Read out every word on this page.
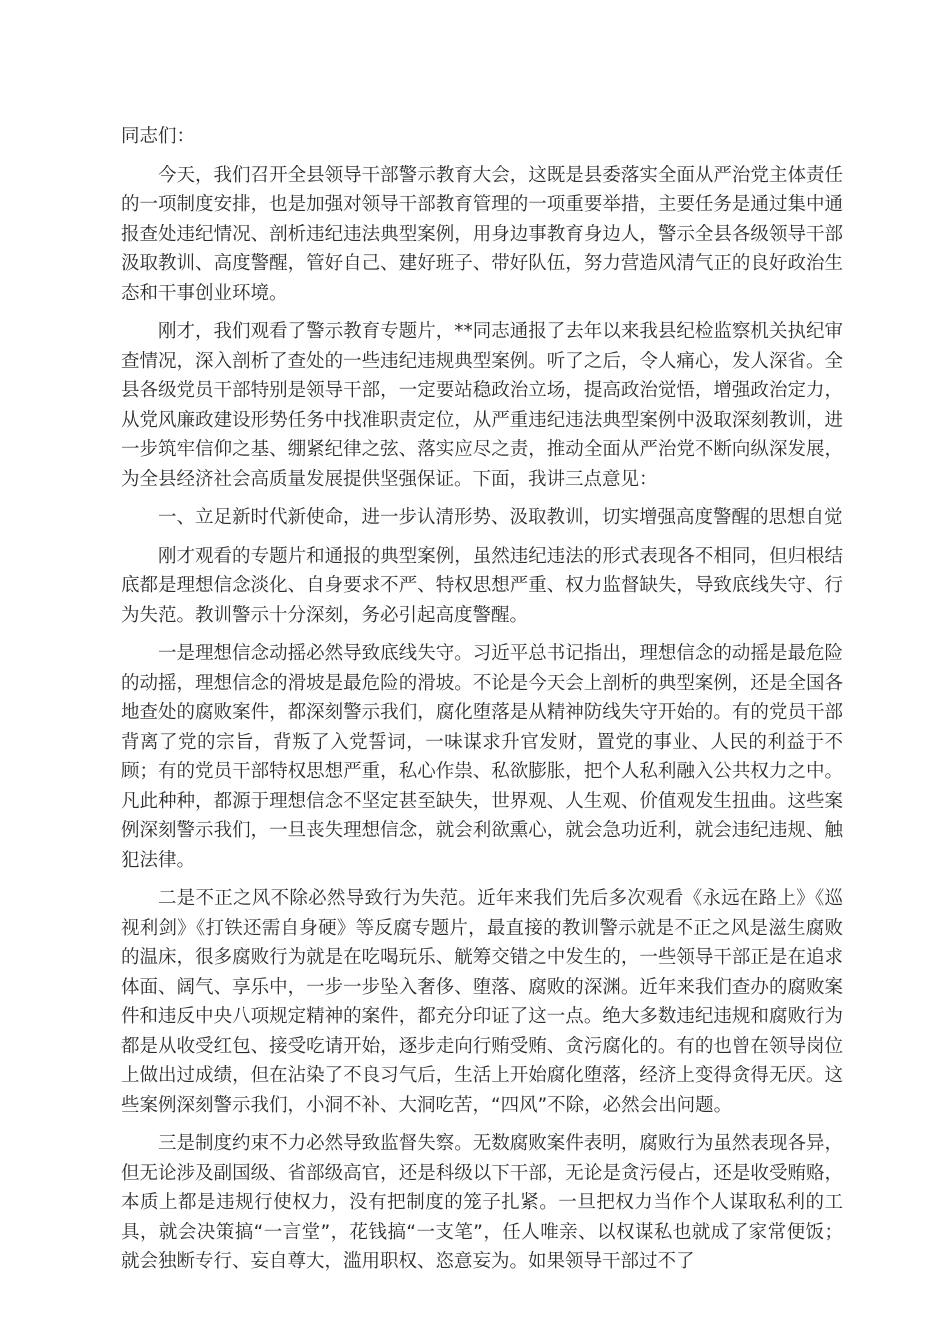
同志们：

今天，我们召开全县领导干部警示教育大会，这既是县委落实全面从严治党主体责任的一项制度安排，也是加强对领导干部教育管理的一项重要举措，主要任务是通过集中通报查处违纪情况、剖析违纪违法典型案例，用身边事教育身边人，警示全县各级领导干部汲取教训、高度警醒，管好自己、建好班子、带好队伍，努力营造风清气正的良好政治生态和干事创业环境。

刚才，我们观看了警示教育专题片，**同志通报了去年以来我县纪检监察机关执纪审查情况，深入剖析了查处的一些违纪违规典型案例。听了之后，令人痛心，发人深省。全县各级党员干部特别是领导干部，一定要站稳政治立场，提高政治觉悟，增强政治定力，从党风廉政建设形势任务中找准职责定位，从严重违纪违法典型案例中汲取深刻教训，进一步筑牢信仰之基、绷紧纪律之弦、落实应尽之责，推动全面从严治党不断向纵深发展，为全县经济社会高质量发展提供坚强保证。下面，我讲三点意见：

一、立足新时代新使命，进一步认清形势、汲取教训，切实增强高度警醒的思想自觉

刚才观看的专题片和通报的典型案例，虽然违纪违法的形式表现各不相同，但归根结底都是理想信念淡化、自身要求不严、特权思想严重、权力监督缺失，导致底线失守、行为失范。教训警示十分深刻，务必引起高度警醒。

一是理想信念动摇必然导致底线失守。习近平总书记指出，理想信念的动摇是最危险的动摇，理想信念的滑坡是最危险的滑坡。不论是今天会上剖析的典型案例，还是全国各地查处的腐败案件，都深刻警示我们，腐化堕落是从精神防线失守开始的。有的党员干部背离了党的宗旨，背叛了入党誓词，一味谋求升官发财，置党的事业、人民的利益于不顾；有的党员干部特权思想严重，私心作祟、私欲膨胀，把个人私利融入公共权力之中。凡此种种，都源于理想信念不坚定甚至缺失，世界观、人生观、价值观发生扭曲。这些案例深刻警示我们，一旦丧失理想信念，就会利欲熏心，就会急功近利，就会违纪违规、触犯法律。

二是不正之风不除必然导致行为失范。近年来我们先后多次观看《永远在路上》《巡视利剑》《打铁还需自身硬》等反腐专题片，最直接的教训警示就是不正之风是滋生腐败的温床，很多腐败行为就是在吃喝玩乐、觥筹交错之中发生的，一些领导干部正是在追求体面、阔气、享乐中，一步一步坠入奢侈、堕落、腐败的深渊。近年来我们查办的腐败案件和违反中央八项规定精神的案件，都充分印证了这一点。绝大多数违纪违规和腐败行为都是从收受红包、接受吃请开始，逐步走向行贿受贿、贪污腐化的。有的也曾在领导岗位上做出过成绩，但在沾染了不良习气后，生活上开始腐化堕落，经济上变得贪得无厌。这些案例深刻警示我们，小洞不补、大洞吃苦，“四风”不除，必然会出问题。

三是制度约束不力必然导致监督失察。无数腐败案件表明，腐败行为虽然表现各异，但无论涉及副国级、省部级高官，还是科级以下干部，无论是贪污侵占，还是收受贿赂，本质上都是违规行使权力，没有把制度的笼子扎紧。一旦把权力当作个人谋取私利的工具，就会决策搞“一言堂”，花钱搞“一支笔”，任人唯亲、以权谋私也就成了家常便饭；就会独断专行、妄自尊大，滥用职权、恣意妄为。如果领导干部过不了
